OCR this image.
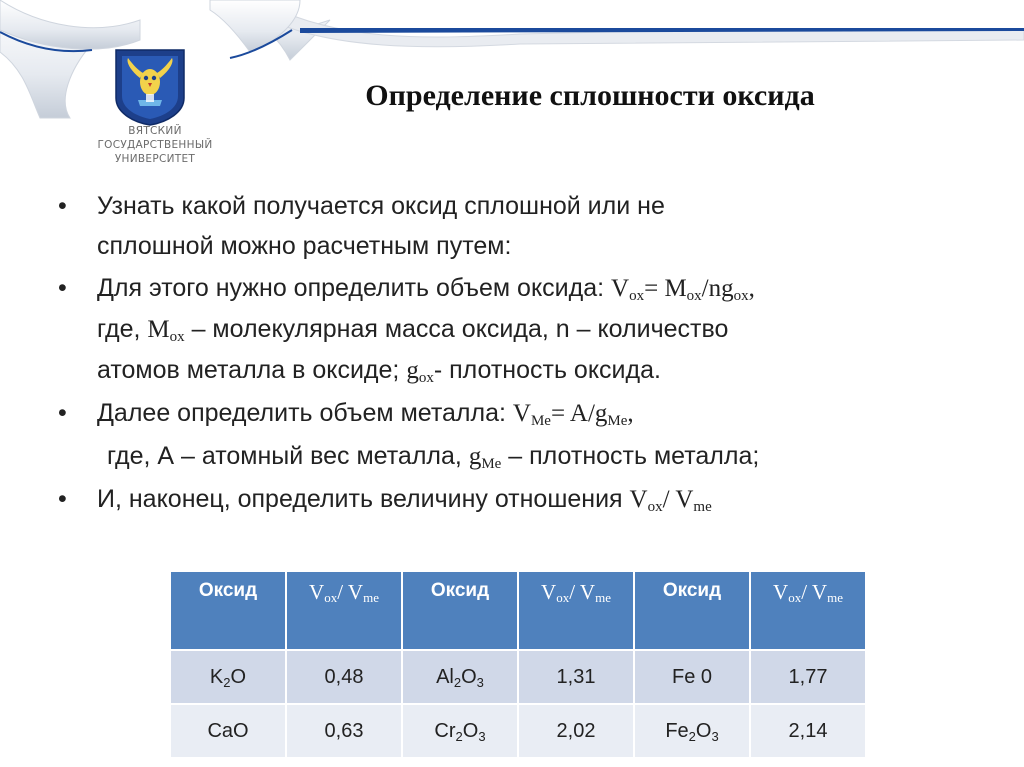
ВЯТСКИЙ
ГОСУДАРСТВЕННЫЙ
УНИВЕРСИТЕТ
Определение сплошности оксида
• Узнать какой получается оксид сплошной или не
сплошной можно расчетным путем:
• Для этого нужно определить объем оксида: $V_{ox}= M_{ox}/ng_{ox}$,
где, $M_{ox}$ – молекулярная масса оксида, n – количество
атомов металла в оксиде; $g_{ox}-$ плотность оксида.
• Далее определить объем металла: $V_{Me}= A/g_{Me}$,
где, А – атомный вес металла, $g_{Me}$ – плотность металла;
• И, наконец, определить величину отношения $V_{ox}/$ $V_{me}$
Оксид	$V_{ox}/$ $V_{me}$	Оксид	$V_{ox}/$ $V_{me}$	Оксид	$V_{ox}/$ $V_{me}$
$K_2O$	0,48	$Al_2O_3$	1,31	Fe 0	1,77
CaO	0,63	$Cr_2O_3$	2,02	$Fe_2O_3$	2,14
